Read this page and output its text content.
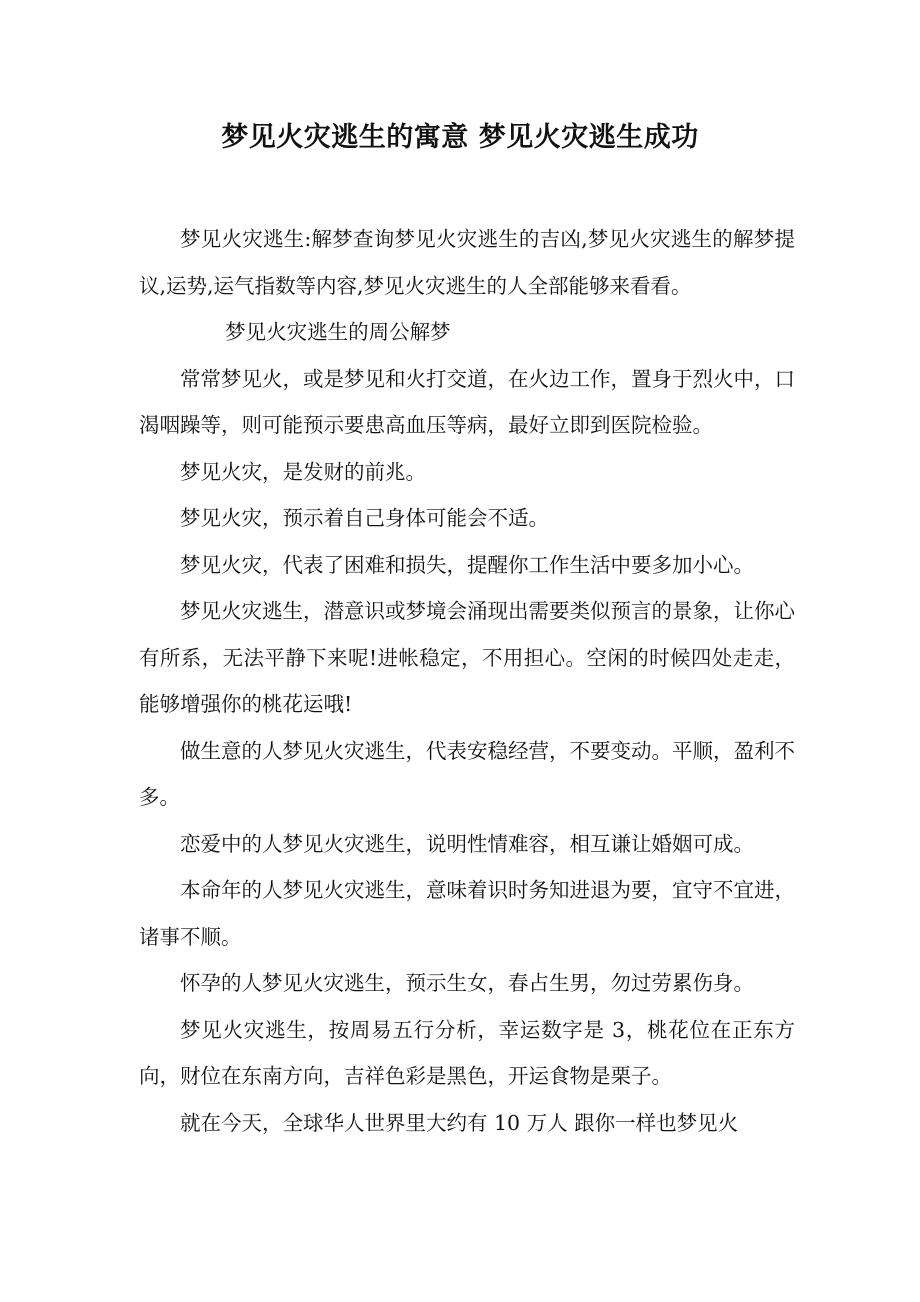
梦见火灾逃生的寓意 梦见火灾逃生成功

梦见火灾逃生:解梦查询梦见火灾逃生的吉凶,梦见火灾逃生的解梦提议,运势,运气指数等内容,梦见火灾逃生的人全部能够来看看。

梦见火灾逃生的周公解梦

常常梦见火，或是梦见和火打交道，在火边工作，置身于烈火中，口渴咽躁等，则可能预示要患高血压等病，最好立即到医院检验。

梦见火灾，是发财的前兆。

梦见火灾，预示着自己身体可能会不适。

梦见火灾，代表了困难和损失，提醒你工作生活中要多加小心。

梦见火灾逃生，潜意识或梦境会涌现出需要类似预言的景象，让你心有所系，无法平静下来呢!进帐稳定，不用担心。空闲的时候四处走走，能够增强你的桃花运哦!

做生意的人梦见火灾逃生，代表安稳经营，不要变动。平顺，盈利不多。

恋爱中的人梦见火灾逃生，说明性情难容，相互谦让婚姻可成。

本命年的人梦见火灾逃生，意味着识时务知进退为要，宜守不宜进，诸事不顺。

怀孕的人梦见火灾逃生，预示生女，春占生男，勿过劳累伤身。

梦见火灾逃生，按周易五行分析，幸运数字是 3，桃花位在正东方向，财位在东南方向，吉祥色彩是黑色，开运食物是栗子。

就在今天，全球华人世界里大约有 10 万人 跟你一样也梦见火
